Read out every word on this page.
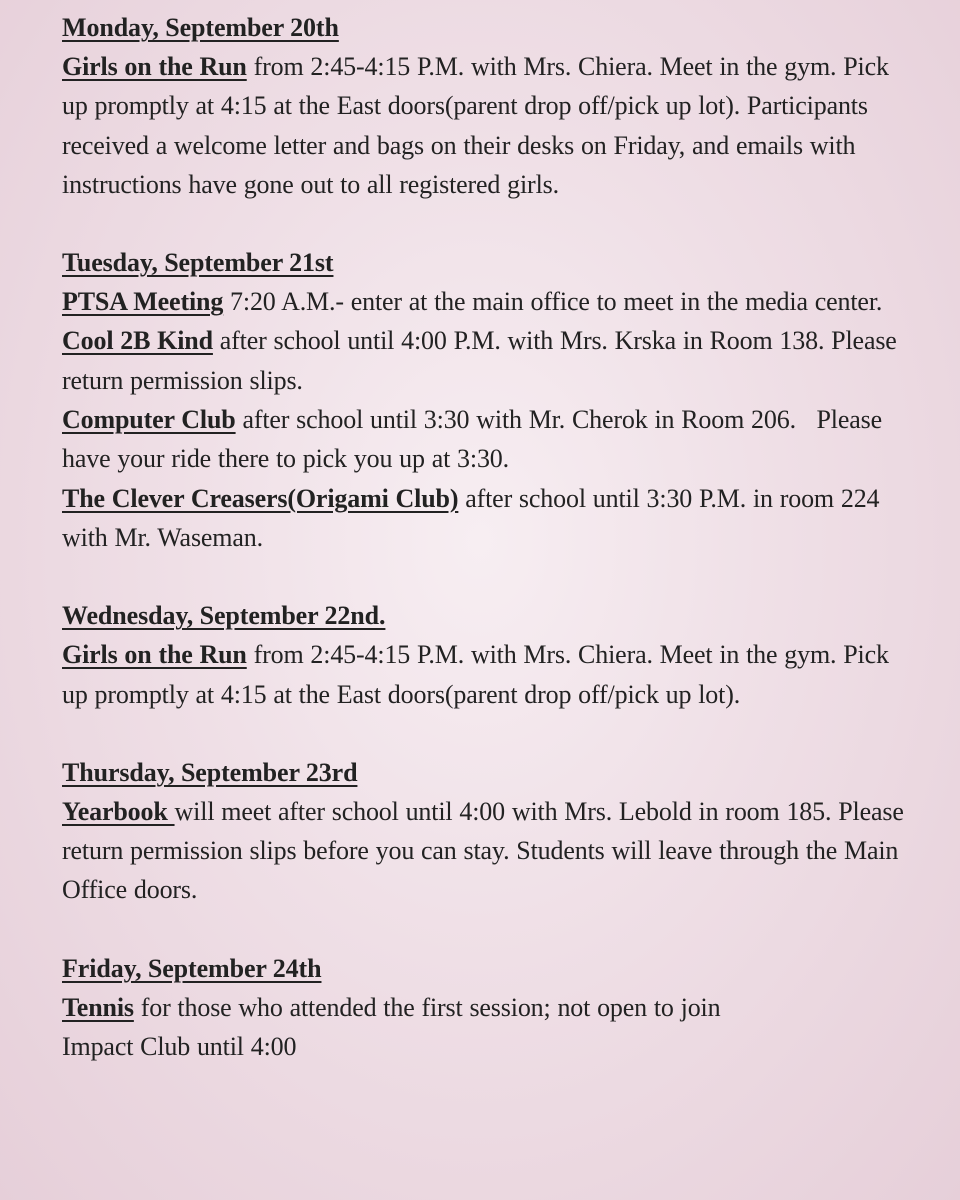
Monday, September 20th
Girls on the Run from 2:45-4:15 P.M. with Mrs. Chiera. Meet in the gym. Pick up promptly at 4:15 at the East doors(parent drop off/pick up lot). Participants received a welcome letter and bags on their desks on Friday, and emails with instructions have gone out to all registered girls.
Tuesday, September 21st
PTSA Meeting 7:20 A.M.- enter at the main office to meet in the media center.
Cool 2B Kind after school until 4:00 P.M. with Mrs. Krska in Room 138. Please return permission slips.
Computer Club after school until 3:30 with Mr. Cherok in Room 206.   Please have your ride there to pick you up at 3:30.
The Clever Creasers(Origami Club) after school until 3:30 P.M. in room 224 with Mr. Waseman.
Wednesday, September 22nd.
Girls on the Run from 2:45-4:15 P.M. with Mrs. Chiera. Meet in the gym. Pick up promptly at 4:15 at the East doors(parent drop off/pick up lot).
Thursday, September 23rd
Yearbook will meet after school until 4:00 with Mrs. Lebold in room 185. Please return permission slips before you can stay. Students will leave through the Main Office doors.
Friday, September 24th
Tennis for those who attended the first session; not open to join
Impact Club until 4:00
